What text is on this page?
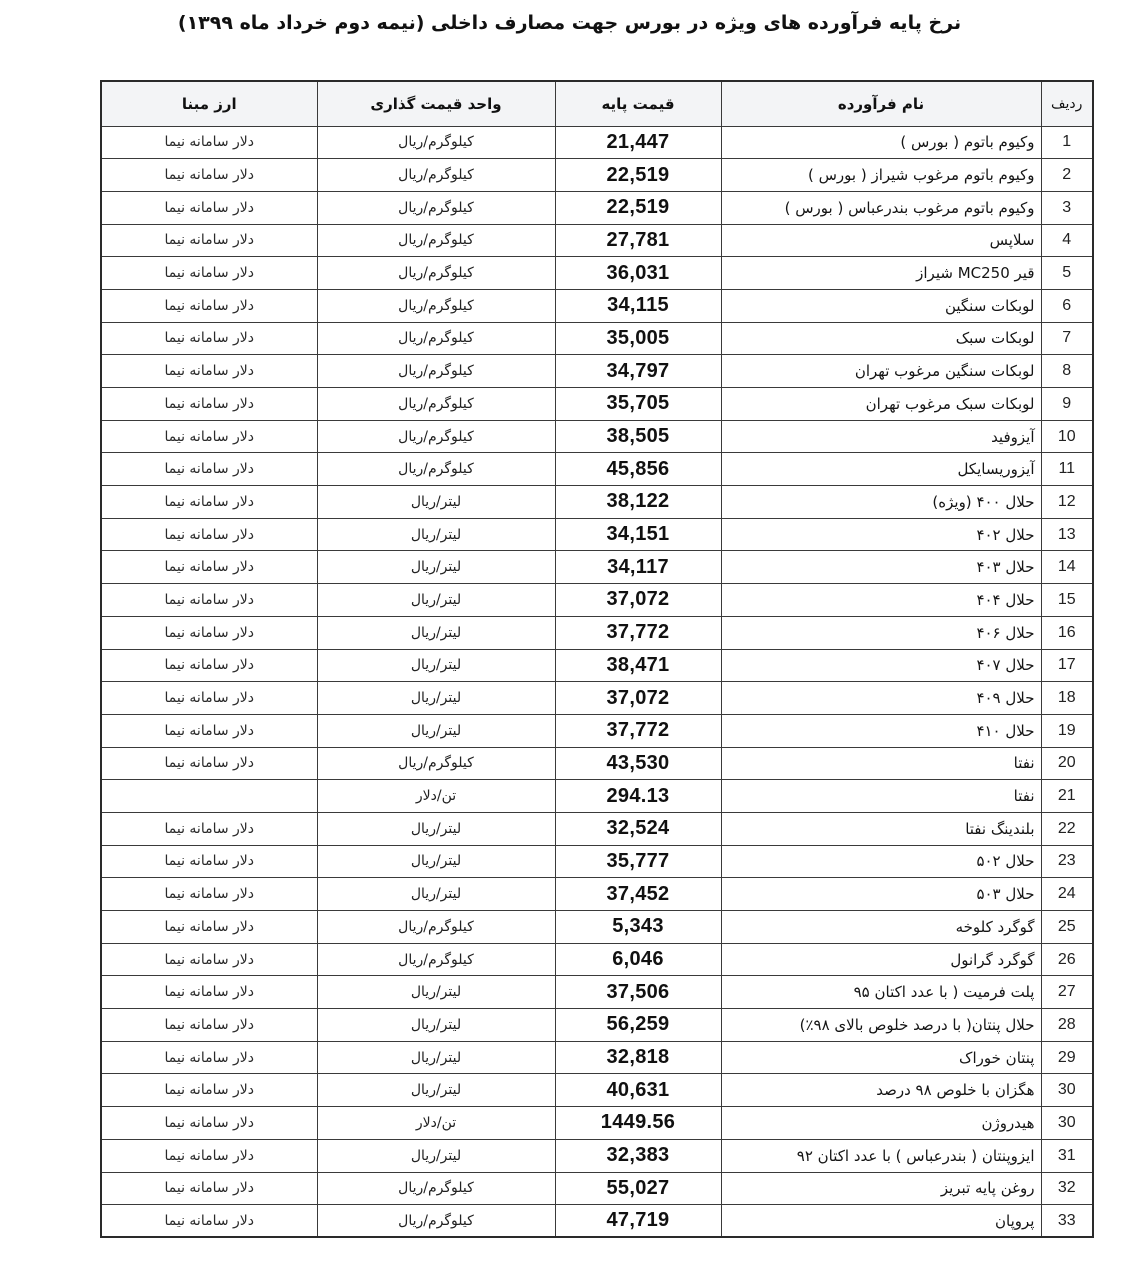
نرخ پایه فرآورده های ویژه در بورس جهت مصارف داخلی (نیمه دوم خرداد ماه ۱۳۹۹)
ردیف	نام فرآورده	قیمت پایه	واحد قیمت گذاری	ارز مبنا
1	وکیوم باتوم ( بورس )	21,447	کیلوگرم/ریال	دلار سامانه نیما
2	وکیوم باتوم مرغوب شیراز ( بورس )	22,519	کیلوگرم/ریال	دلار سامانه نیما
3	وکیوم باتوم مرغوب بندرعباس ( بورس )	22,519	کیلوگرم/ریال	دلار سامانه نیما
4	سلاپس	27,781	کیلوگرم/ریال	دلار سامانه نیما
5	قیر MC250 شیراز	36,031	کیلوگرم/ریال	دلار سامانه نیما
6	لوبکات سنگین	34,115	کیلوگرم/ریال	دلار سامانه نیما
7	لوبکات سبک	35,005	کیلوگرم/ریال	دلار سامانه نیما
8	لوبکات سنگین مرغوب تهران	34,797	کیلوگرم/ریال	دلار سامانه نیما
9	لوبکات سبک مرغوب تهران	35,705	کیلوگرم/ریال	دلار سامانه نیما
10	آیزوفید	38,505	کیلوگرم/ریال	دلار سامانه نیما
11	آیزوریسایکل	45,856	کیلوگرم/ریال	دلار سامانه نیما
12	حلال ۴۰۰ (ویژه)	38,122	لیتر/ریال	دلار سامانه نیما
13	حلال ۴۰۲	34,151	لیتر/ریال	دلار سامانه نیما
14	حلال ۴۰۳	34,117	لیتر/ریال	دلار سامانه نیما
15	حلال ۴۰۴	37,072	لیتر/ریال	دلار سامانه نیما
16	حلال ۴۰۶	37,772	لیتر/ریال	دلار سامانه نیما
17	حلال ۴۰۷	38,471	لیتر/ریال	دلار سامانه نیما
18	حلال ۴۰۹	37,072	لیتر/ریال	دلار سامانه نیما
19	حلال ۴۱۰	37,772	لیتر/ریال	دلار سامانه نیما
20	نفتا	43,530	کیلوگرم/ریال	دلار سامانه نیما
21	نفتا	294.13	تن/دلار	
22	بلندینگ نفتا	32,524	لیتر/ریال	دلار سامانه نیما
23	حلال ۵۰۲	35,777	لیتر/ریال	دلار سامانه نیما
24	حلال ۵۰۳	37,452	لیتر/ریال	دلار سامانه نیما
25	گوگرد کلوخه	5,343	کیلوگرم/ریال	دلار سامانه نیما
26	گوگرد گرانول	6,046	کیلوگرم/ریال	دلار سامانه نیما
27	پلت فرمیت ( با عدد اکتان ۹۵	37,506	لیتر/ریال	دلار سامانه نیما
28	حلال پنتان( با درصد خلوص بالای ۹۸٪)	56,259	لیتر/ریال	دلار سامانه نیما
29	پنتان خوراک	32,818	لیتر/ریال	دلار سامانه نیما
30	هگزان با خلوص ۹۸ درصد	40,631	لیتر/ریال	دلار سامانه نیما
30	هیدروژن	1449.56	تن/دلار	دلار سامانه نیما
31	ایزوپنتان ( بندرعباس ) با عدد اکتان ۹۲	32,383	لیتر/ریال	دلار سامانه نیما
32	روغن پایه تبریز	55,027	کیلوگرم/ریال	دلار سامانه نیما
33	پروپان	47,719	کیلوگرم/ریال	دلار سامانه نیما
